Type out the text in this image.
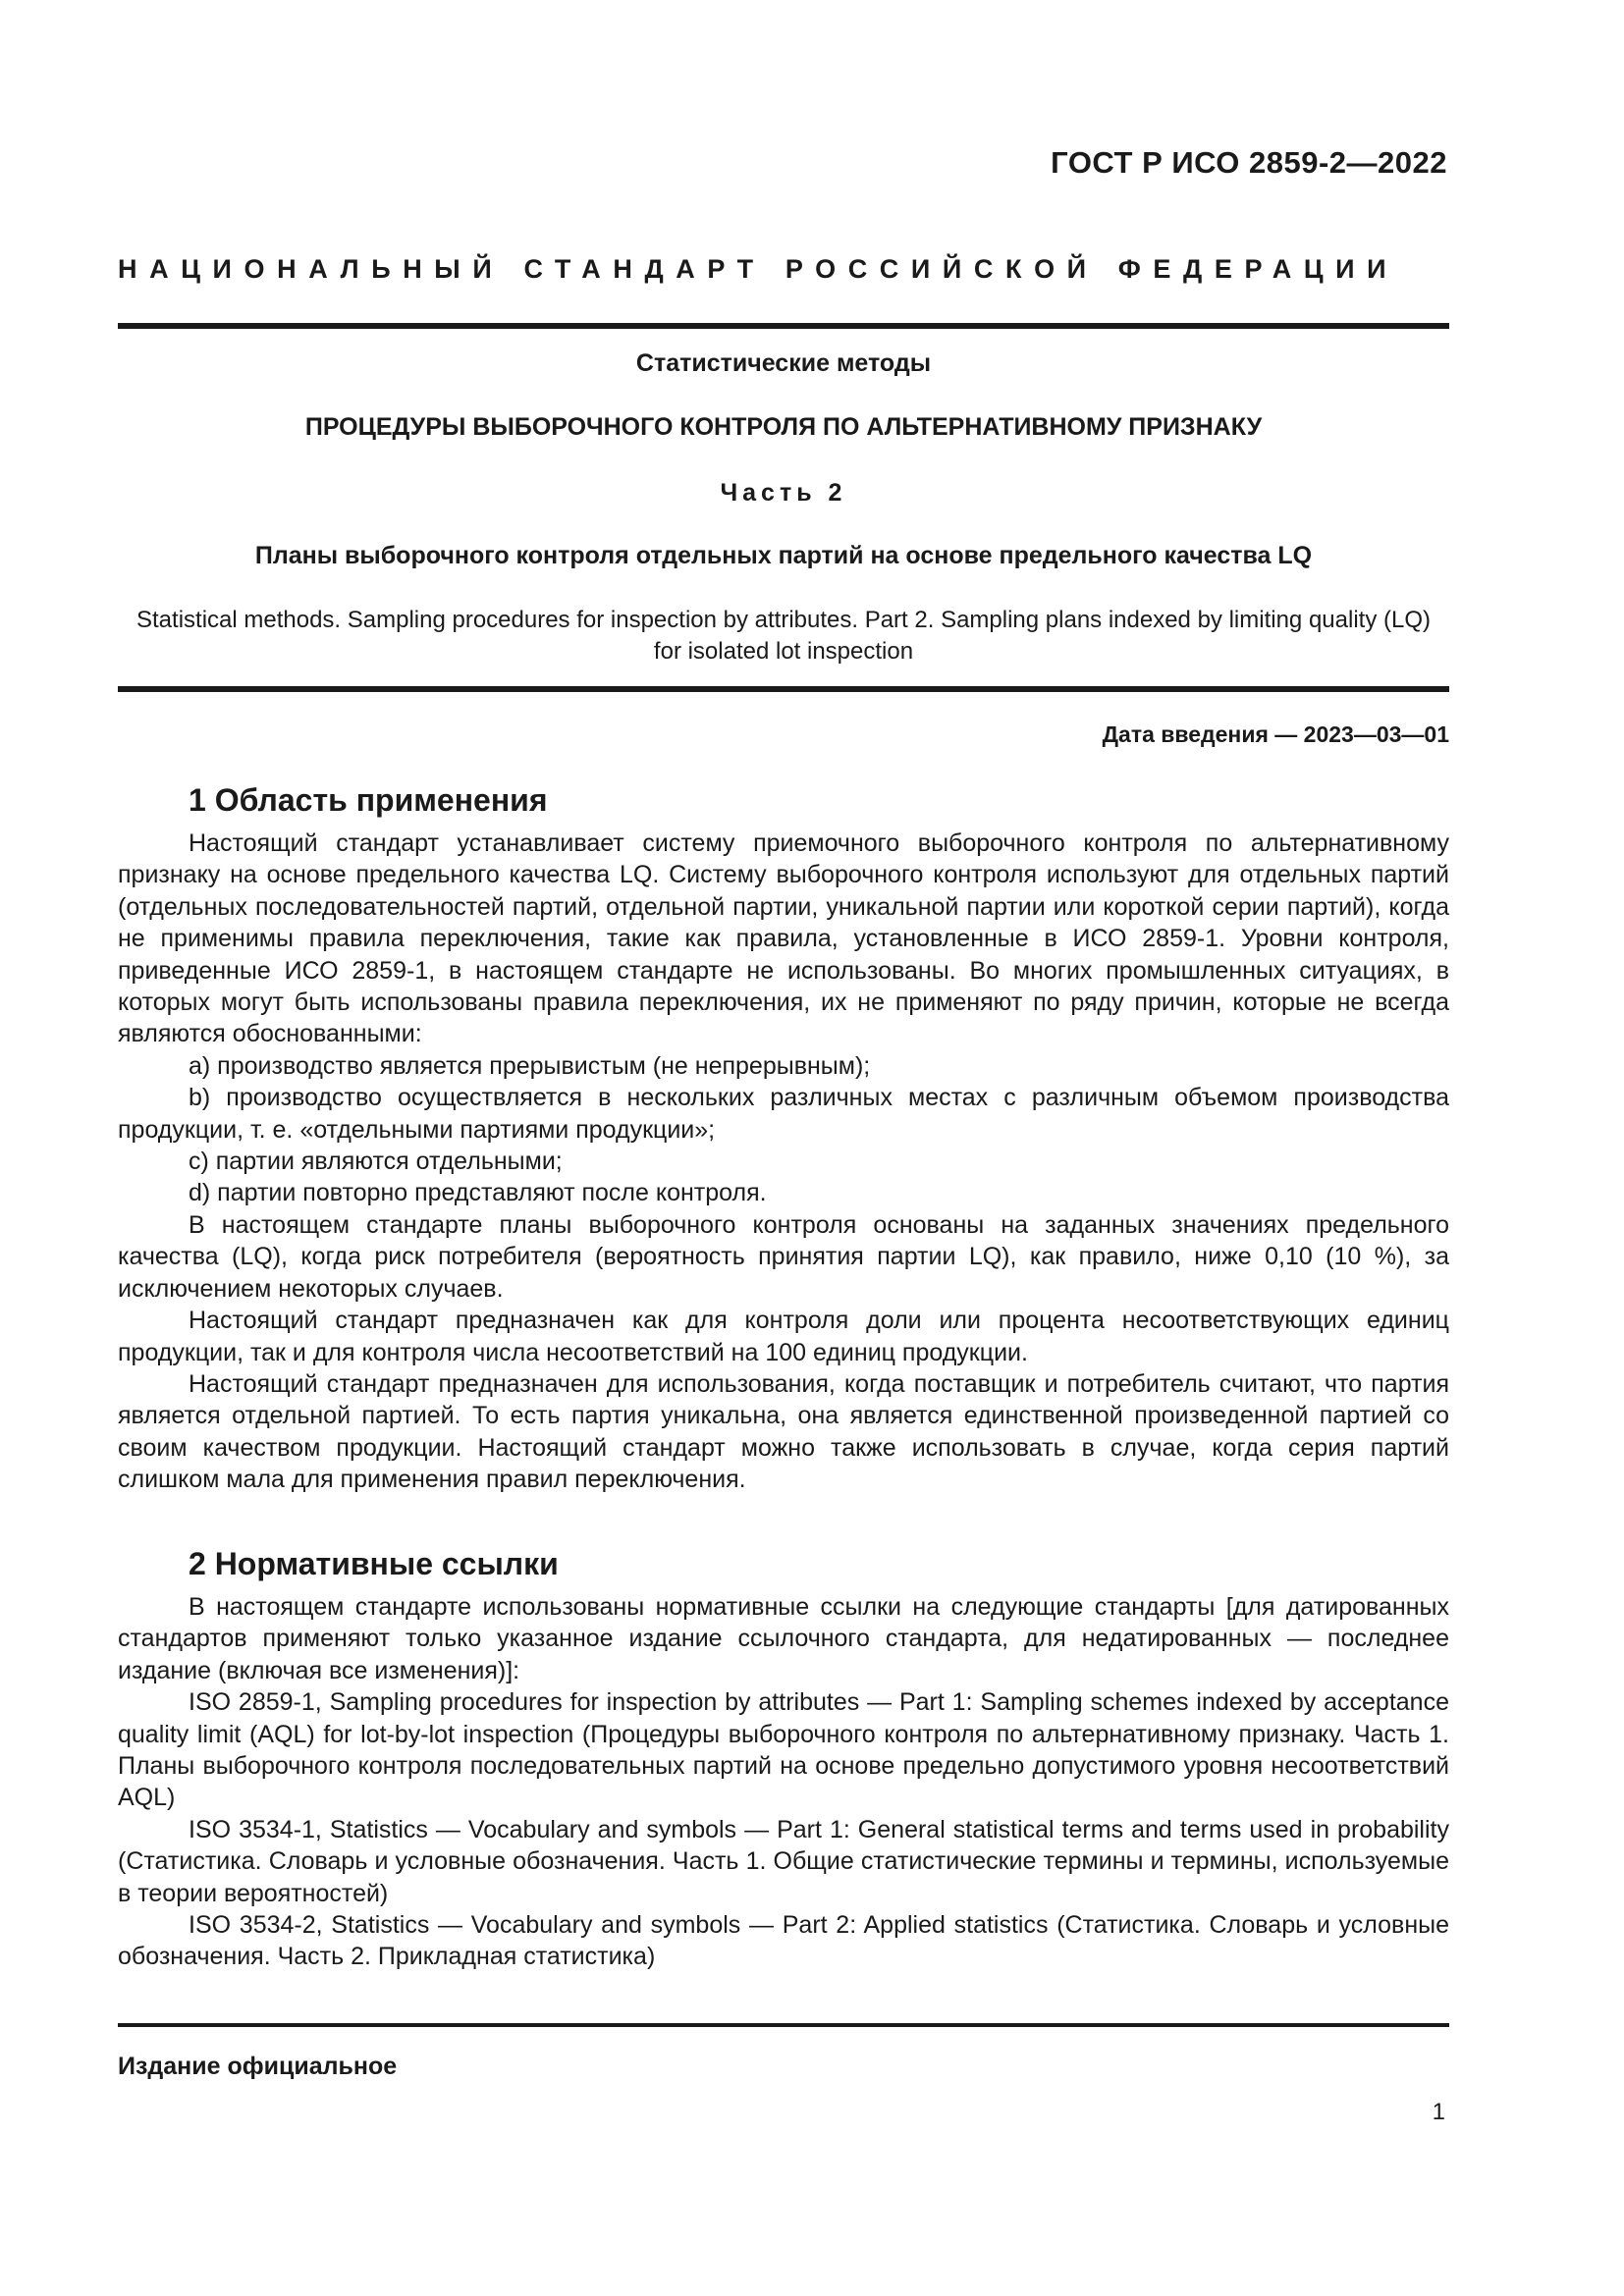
ГОСТ Р ИСО 2859-2—2022
НАЦИОНАЛЬНЫЙ СТАНДАРТ РОССИЙСКОЙ ФЕДЕРАЦИИ
Статистические методы
ПРОЦЕДУРЫ ВЫБОРОЧНОГО КОНТРОЛЯ ПО АЛЬТЕРНАТИВНОМУ ПРИЗНАКУ
Часть 2
Планы выборочного контроля отдельных партий на основе предельного качества LQ
Statistical methods. Sampling procedures for inspection by attributes. Part 2. Sampling plans indexed by limiting quality (LQ) for isolated lot inspection
Дата введения — 2023—03—01
1 Область применения

Настоящий стандарт устанавливает систему приемочного выборочного контроля по альтернативному признаку на основе предельного качества LQ. Систему выборочного контроля используют для отдельных партий (отдельных последовательностей партий, отдельной партии, уникальной партии или короткой серии партий), когда не применимы правила переключения, такие как правила, установленные в ИСО 2859-1. Уровни контроля, приведенные ИСО 2859-1, в настоящем стандарте не использованы. Во многих промышленных ситуациях, в которых могут быть использованы правила переключения, их не применяют по ряду причин, которые не всегда являются обоснованными:

a) производство является прерывистым (не непрерывным);

b) производство осуществляется в нескольких различных местах с различным объемом производства продукции, т. е. «отдельными партиями продукции»;

c) партии являются отдельными;

d) партии повторно представляют после контроля.

В настоящем стандарте планы выборочного контроля основаны на заданных значениях предельного качества (LQ), когда риск потребителя (вероятность принятия партии LQ), как правило, ниже 0,10 (10 %), за исключением некоторых случаев.

Настоящий стандарт предназначен как для контроля доли или процента несоответствующих единиц продукции, так и для контроля числа несоответствий на 100 единиц продукции.

Настоящий стандарт предназначен для использования, когда поставщик и потребитель считают, что партия является отдельной партией. То есть партия уникальна, она является единственной произведенной партией со своим качеством продукции. Настоящий стандарт можно также использовать в случае, когда серия партий слишком мала для применения правил переключения.

2 Нормативные ссылки

В настоящем стандарте использованы нормативные ссылки на следующие стандарты [для датированных стандартов применяют только указанное издание ссылочного стандарта, для недатированных — последнее издание (включая все изменения)]:

ISO 2859-1, Sampling procedures for inspection by attributes — Part 1: Sampling schemes indexed by acceptance quality limit (AQL) for lot-by-lot inspection (Процедуры выборочного контроля по альтернативному признаку. Часть 1. Планы выборочного контроля последовательных партий на основе предельно допустимого уровня несоответствий AQL)

ISO 3534-1, Statistics — Vocabulary and symbols — Part 1: General statistical terms and terms used in probability (Статистика. Словарь и условные обозначения. Часть 1. Общие статистические термины и термины, используемые в теории вероятностей)

ISO 3534-2, Statistics — Vocabulary and symbols — Part 2: Applied statistics (Статистика. Словарь и условные обозначения. Часть 2. Прикладная статистика)

Издание официальное
1
